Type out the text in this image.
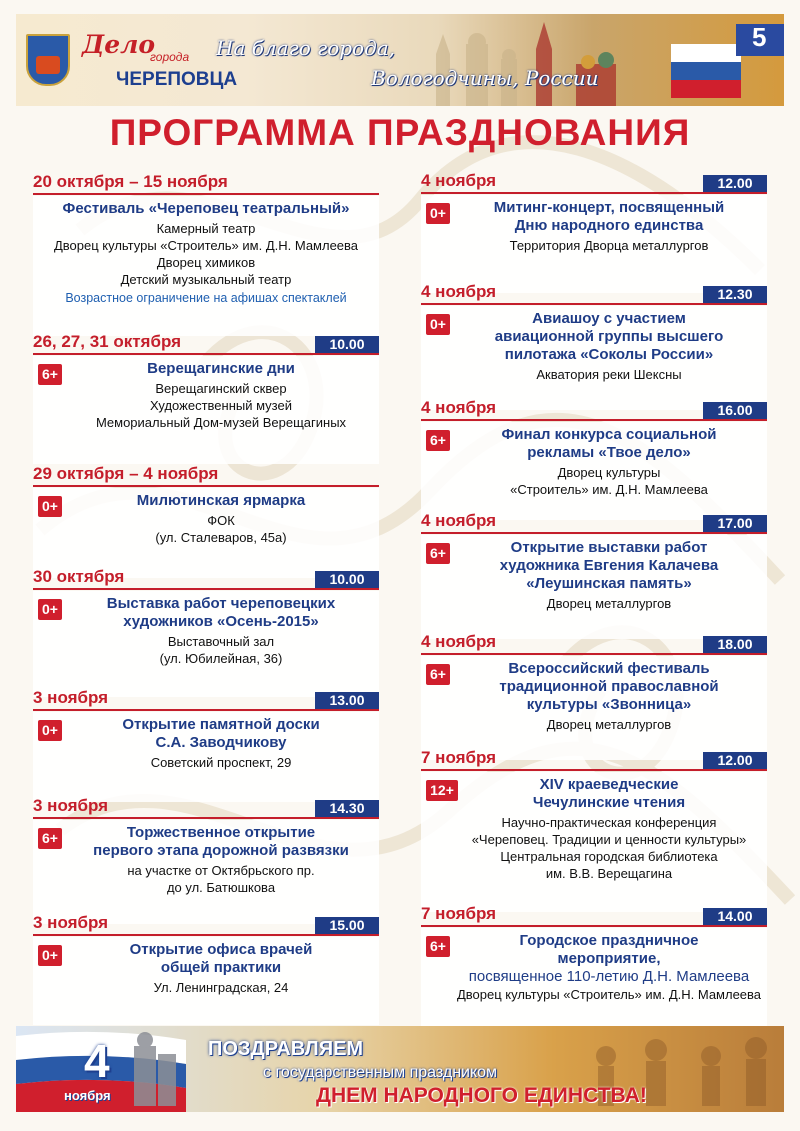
Дело
города
ЧЕРЕПОВЦА
На благо города,
Вологодчины, России
5
ПРОГРАММА ПРАЗДНОВАНИЯ
20 октября – 15 ноября
Фестиваль «Череповец театральный»
Камерный театр
Дворец культуры «Строитель» им. Д.Н. Мамлеева
Дворец химиков
Детский музыкальный театр
Возрастное ограничение на афишах спектаклей
26, 27, 31 октября	10.00
6+	Верещагинские дни
Верещагинский сквер
Художественный музей
Мемориальный Дом-музей Верещагиных
29 октября – 4 ноября
0+	Милютинская ярмарка
ФОК
(ул. Сталеваров, 45а)
30 октября	10.00
0+	Выставка работ череповецких
художников «Осень-2015»
Выставочный зал
(ул. Юбилейная, 36)
3 ноября	13.00
0+	Открытие памятной доски
С.А. Заводчикову
Советский проспект, 29
3 ноября	14.30
6+	Торжественное открытие
первого этапа дорожной развязки
на участке от Октябрьского пр.
до ул. Батюшкова
3 ноября	15.00
0+	Открытие офиса врачей
общей практики
Ул. Ленинградская, 24
4 ноября	12.00
0+	Митинг-концерт, посвященный
Дню народного единства
Территория Дворца металлургов
4 ноября	12.30
0+	Авиашоу с участием
авиационной группы высшего
пилотажа «Соколы России»
Акватория реки Шексны
4 ноября	16.00
6+	Финал конкурса социальной
рекламы «Твое дело»
Дворец культуры
«Строитель» им. Д.Н. Мамлеева
4 ноября	17.00
6+	Открытие выставки работ
художника Евгения Калачева
«Леушинская память»
Дворец металлургов
4 ноября	18.00
6+	Всероссийский фестиваль
традиционной православной
культуры «Звонница»
Дворец металлургов
7 ноября	12.00
12+	XIV краеведческие
Чечулинские чтения
Научно-практическая конференция
«Череповец. Традиции и ценности культуры»
Центральная городская библиотека
им. В.В. Верещагина
7 ноября	14.00
6+	Городское праздничное
мероприятие,
посвященное 110-летию Д.Н. Мамлеева
Дворец культуры «Строитель» им. Д.Н. Мамлеева
4
ноября
ПОЗДРАВЛЯЕМ
с государственным праздником
ДНЕМ НАРОДНОГО ЕДИНСТВА!
